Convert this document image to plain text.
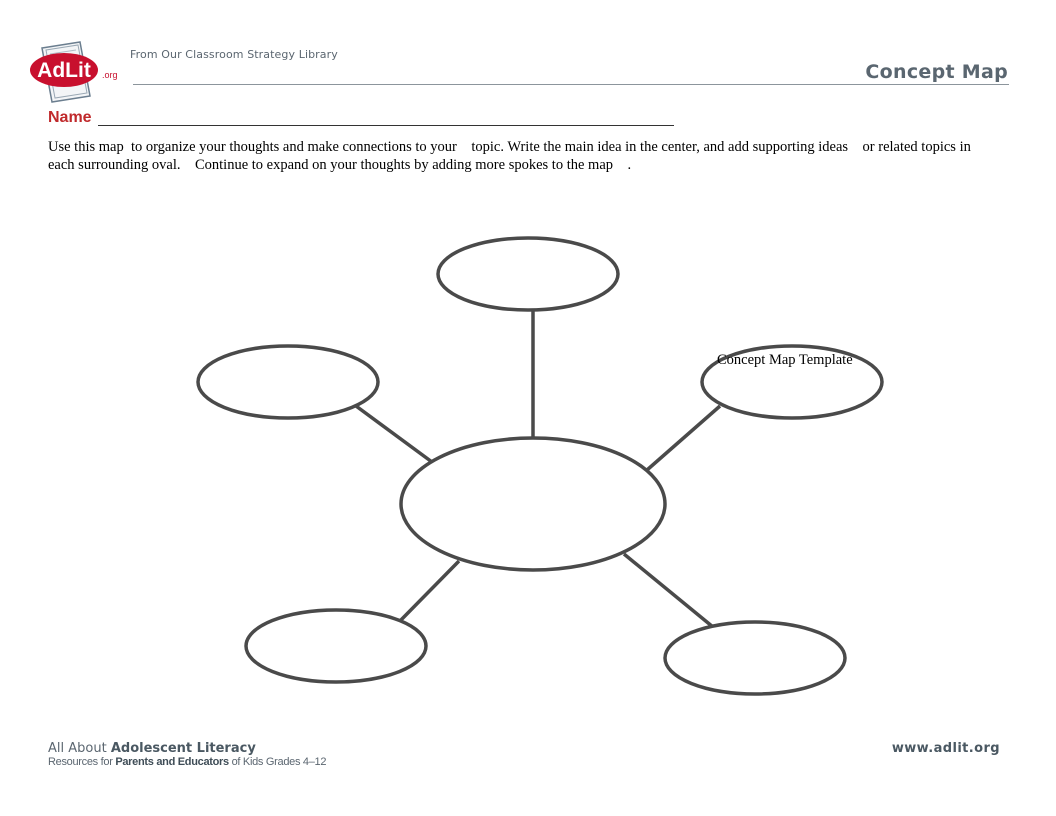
AdLit .org
From Our Classroom Strategy Library
Concept Map
Name

Use this map  to organize your thoughts and make connections to your    topic. Write the main idea in the center, and add supporting ideas    or related topics in each surrounding oval.    Continue to expand on your thoughts by adding more spokes to the map    .

Concept Map Template
All About Adolescent Literacy
Resources for Parents and Educators of Kids Grades 4–12
www.adlit.org
